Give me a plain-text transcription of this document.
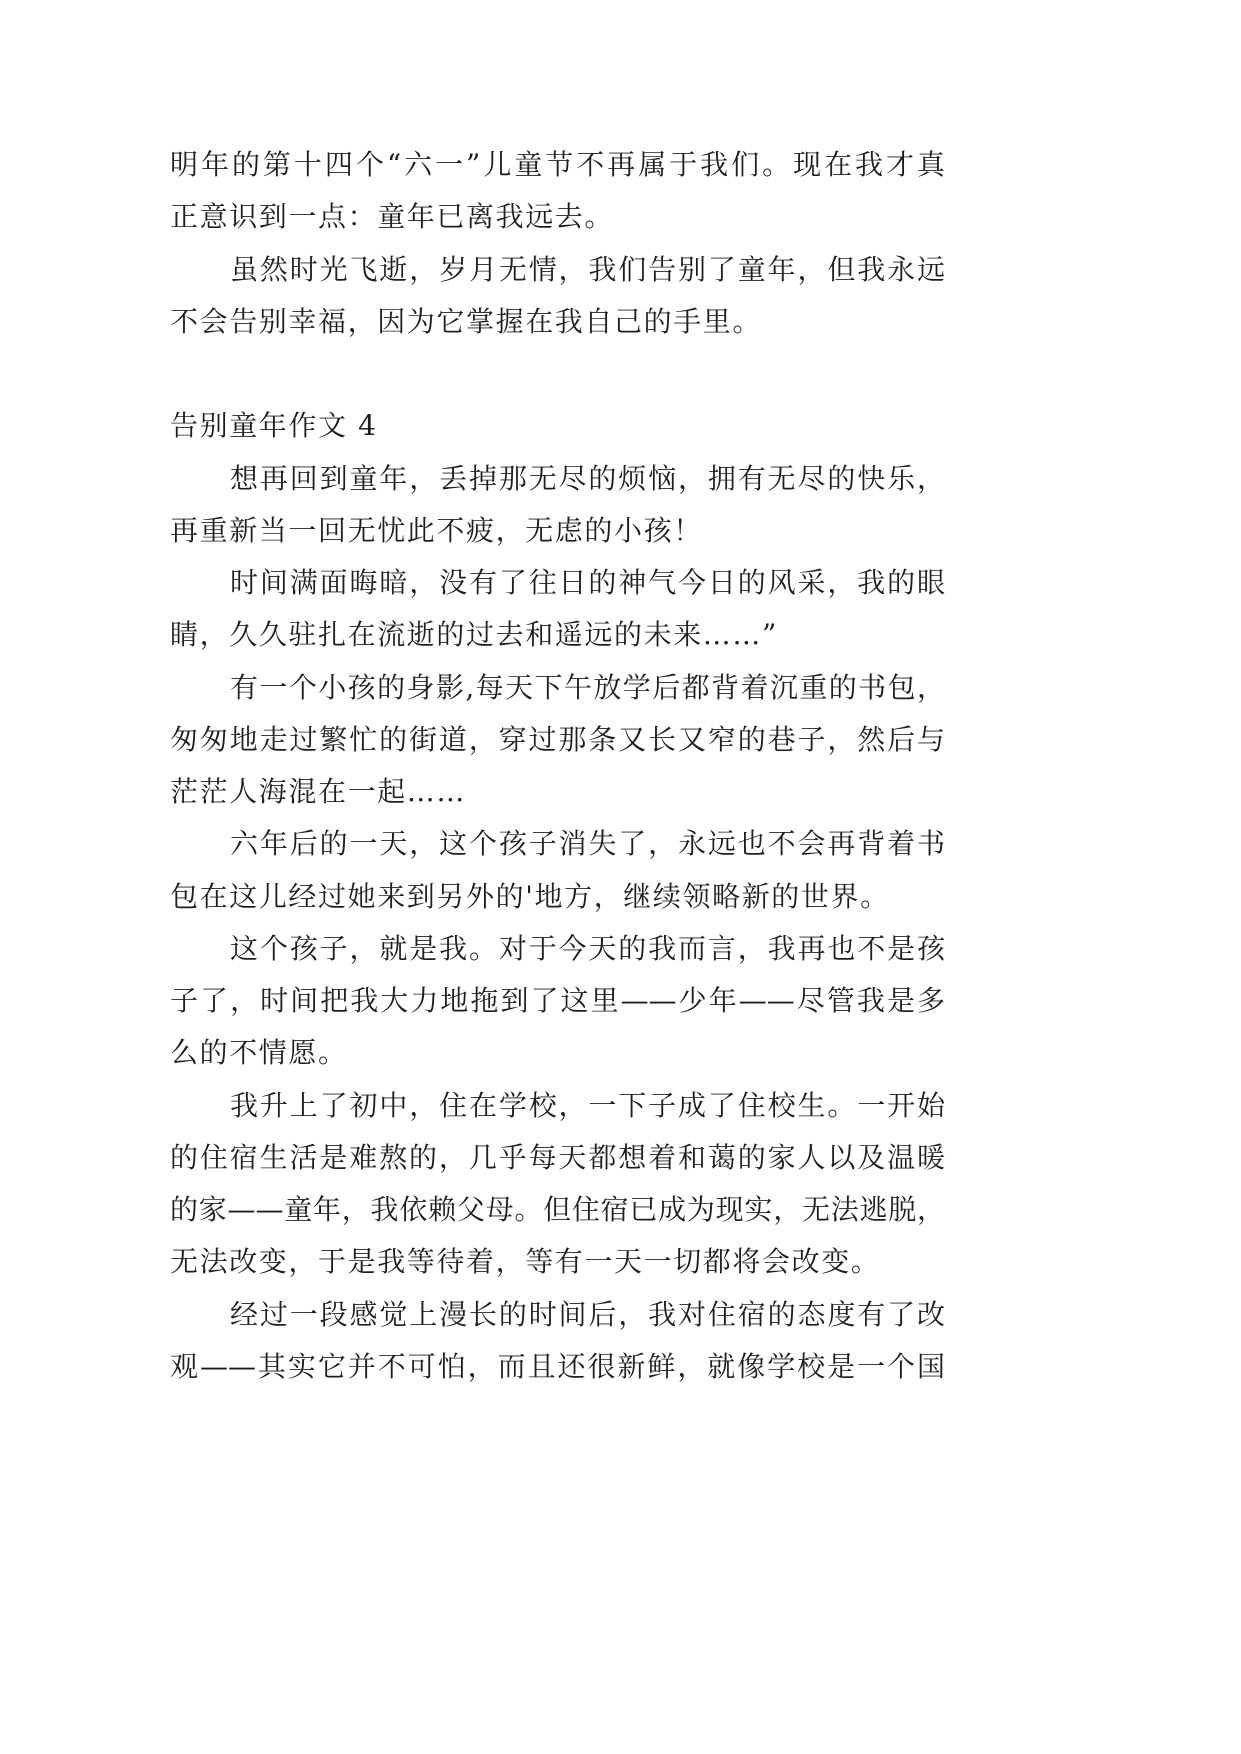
明年的第十四个“六一”儿童节不再属于我们。现在我才真
正意识到一点：童年已离我远去。
虽然时光飞逝，岁月无情，我们告别了童年，但我永远
不会告别幸福，因为它掌握在我自己的手里。
告别童年作文 4
想再回到童年，丢掉那无尽的烦恼，拥有无尽的快乐，
再重新当一回无忧此不疲，无虑的小孩！
时间满面晦暗，没有了往日的神气今日的风采，我的眼
睛，久久驻扎在流逝的过去和遥远的未来……”
有一个小孩的身影,每天下午放学后都背着沉重的书包，
匆匆地走过繁忙的街道，穿过那条又长又窄的巷子，然后与
茫茫人海混在一起……
六年后的一天，这个孩子消失了，永远也不会再背着书
包在这儿经过她来到另外的'地方，继续领略新的世界。
这个孩子，就是我。对于今天的我而言，我再也不是孩
子了，时间把我大力地拖到了这里——少年——尽管我是多
么的不情愿。
我升上了初中，住在学校，一下子成了住校生。一开始
的住宿生活是难熬的，几乎每天都想着和蔼的家人以及温暖
的家——童年，我依赖父母。但住宿已成为现实，无法逃脱，
无法改变，于是我等待着，等有一天一切都将会改变。
经过一段感觉上漫长的时间后，我对住宿的态度有了改
观——其实它并不可怕，而且还很新鲜，就像学校是一个国
